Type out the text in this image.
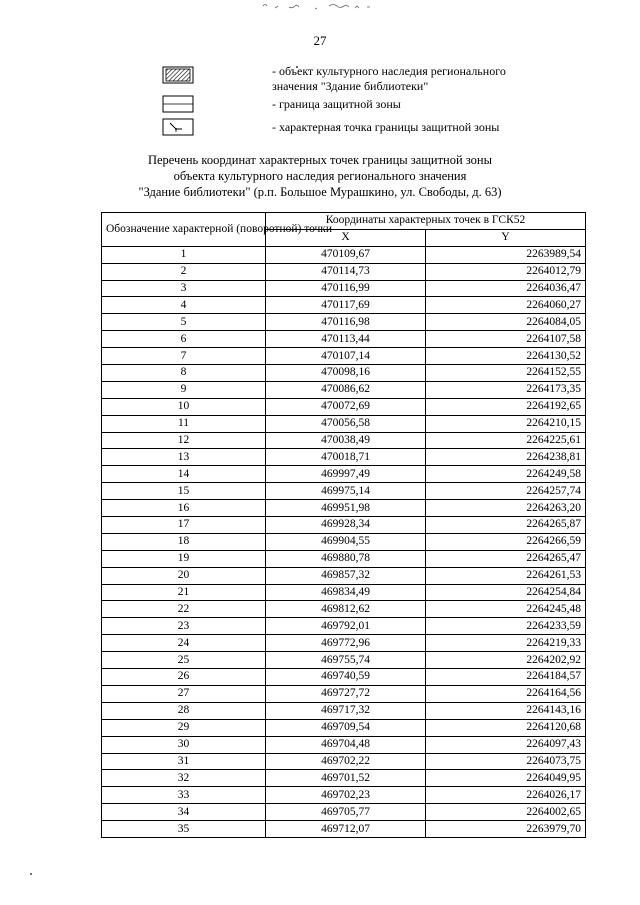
27
- объект культурного наследия регионального
значения "Здание библиотеки"
- граница защитной зоны
- характерная точка границы защитной зоны
Перечень координат характерных точек границы защитной зоны
объекта культурного наследия регионального значения
"Здание библиотеки" (р.п. Большое Мурашкино, ул. Свободы, д. 63)
Обозначение характерной (поворотной) точки	Координаты характерных точек в ГСК52	
	X	Y
1	470109,67	2263989,54
2	470114,73	2264012,79
3	470116,99	2264036,47
4	470117,69	2264060,27
5	470116,98	2264084,05
6	470113,44	2264107,58
7	470107,14	2264130,52
8	470098,16	2264152,55
9	470086,62	2264173,35
10	470072,69	2264192,65
11	470056,58	2264210,15
12	470038,49	2264225,61
13	470018,71	2264238,81
14	469997,49	2264249,58
15	469975,14	2264257,74
16	469951,98	2264263,20
17	469928,34	2264265,87
18	469904,55	2264266,59
19	469880,78	2264265,47
20	469857,32	2264261,53
21	469834,49	2264254,84
22	469812,62	2264245,48
23	469792,01	2264233,59
24	469772,96	2264219,33
25	469755,74	2264202,92
26	469740,59	2264184,57
27	469727,72	2264164,56
28	469717,32	2264143,16
29	469709,54	2264120,68
30	469704,48	2264097,43
31	469702,22	2264073,75
32	469701,52	2264049,95
33	469702,23	2264026,17
34	469705,77	2264002,65
35	469712,07	2263979,70
